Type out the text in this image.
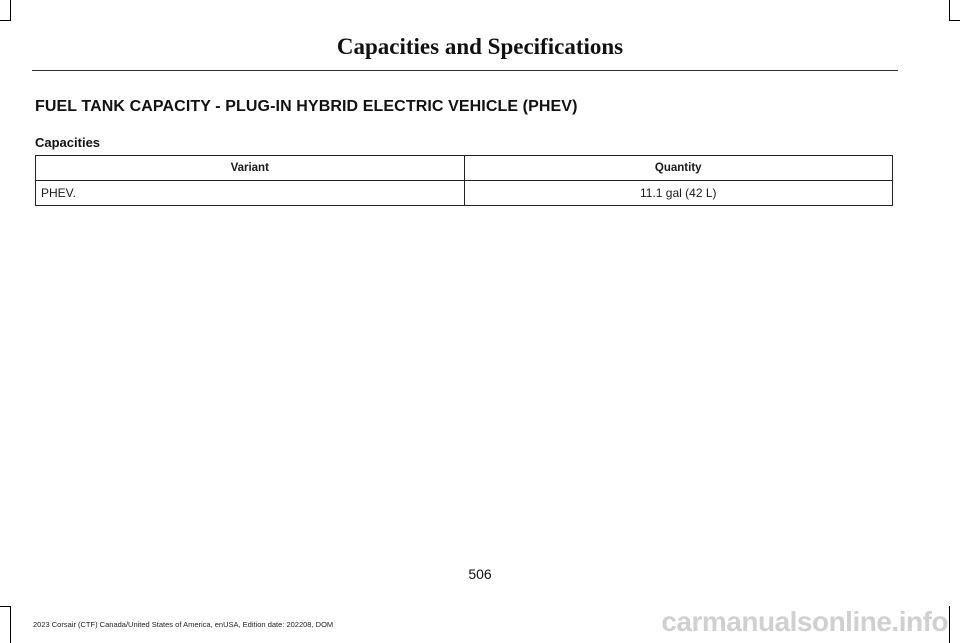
Capacities and Specifications
FUEL TANK CAPACITY - PLUG-IN HYBRID ELECTRIC VEHICLE (PHEV)
Capacities
Variant	Quantity
PHEV.	11.1 gal (42 L)
506
2023 Corsair (CTF) Canada/United States of America, enUSA, Edition date: 202208, DOM	carmanualsonline.info
